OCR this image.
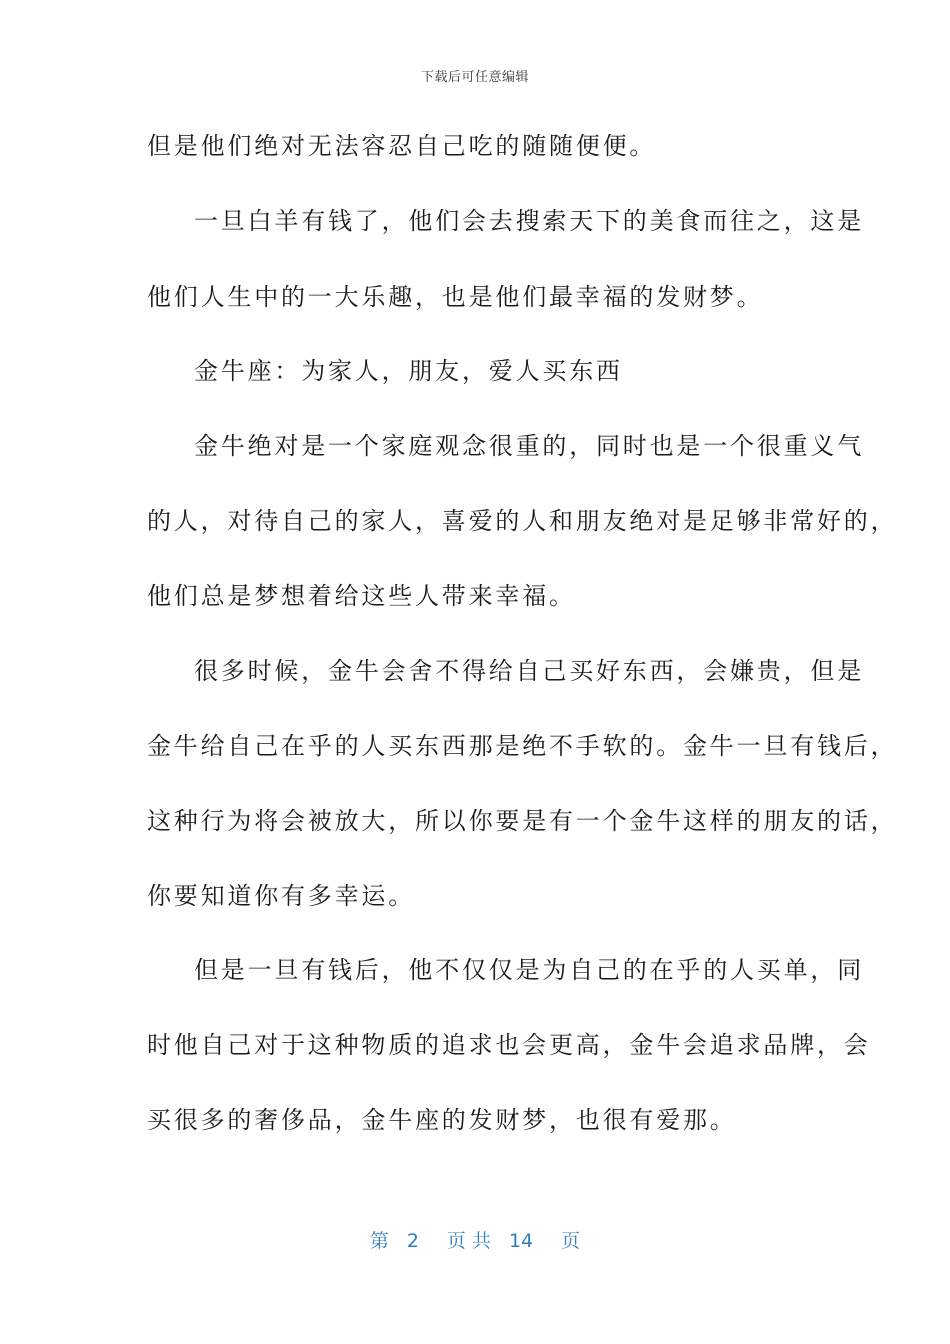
下载后可任意编辑
但是他们绝对无法容忍自己吃的随随便便。
一旦白羊有钱了，他们会去搜索天下的美食而往之，这是
他们人生中的一大乐趣，也是他们最幸福的发财梦。
金牛座：为家人，朋友，爱人买东西
金牛绝对是一个家庭观念很重的，同时也是一个很重义气
的人，对待自己的家人，喜爱的人和朋友绝对是足够非常好的，
他们总是梦想着给这些人带来幸福。
很多时候，金牛会舍不得给自己买好东西，会嫌贵，但是
金牛给自己在乎的人买东西那是绝不手软的。金牛一旦有钱后，
这种行为将会被放大，所以你要是有一个金牛这样的朋友的话，
你要知道你有多幸运。
但是一旦有钱后，他不仅仅是为自己的在乎的人买单，同
时他自己对于这种物质的追求也会更高，金牛会追求品牌，会
买很多的奢侈品，金牛座的发财梦，也很有爱那。
第 2 页 共 14 页
